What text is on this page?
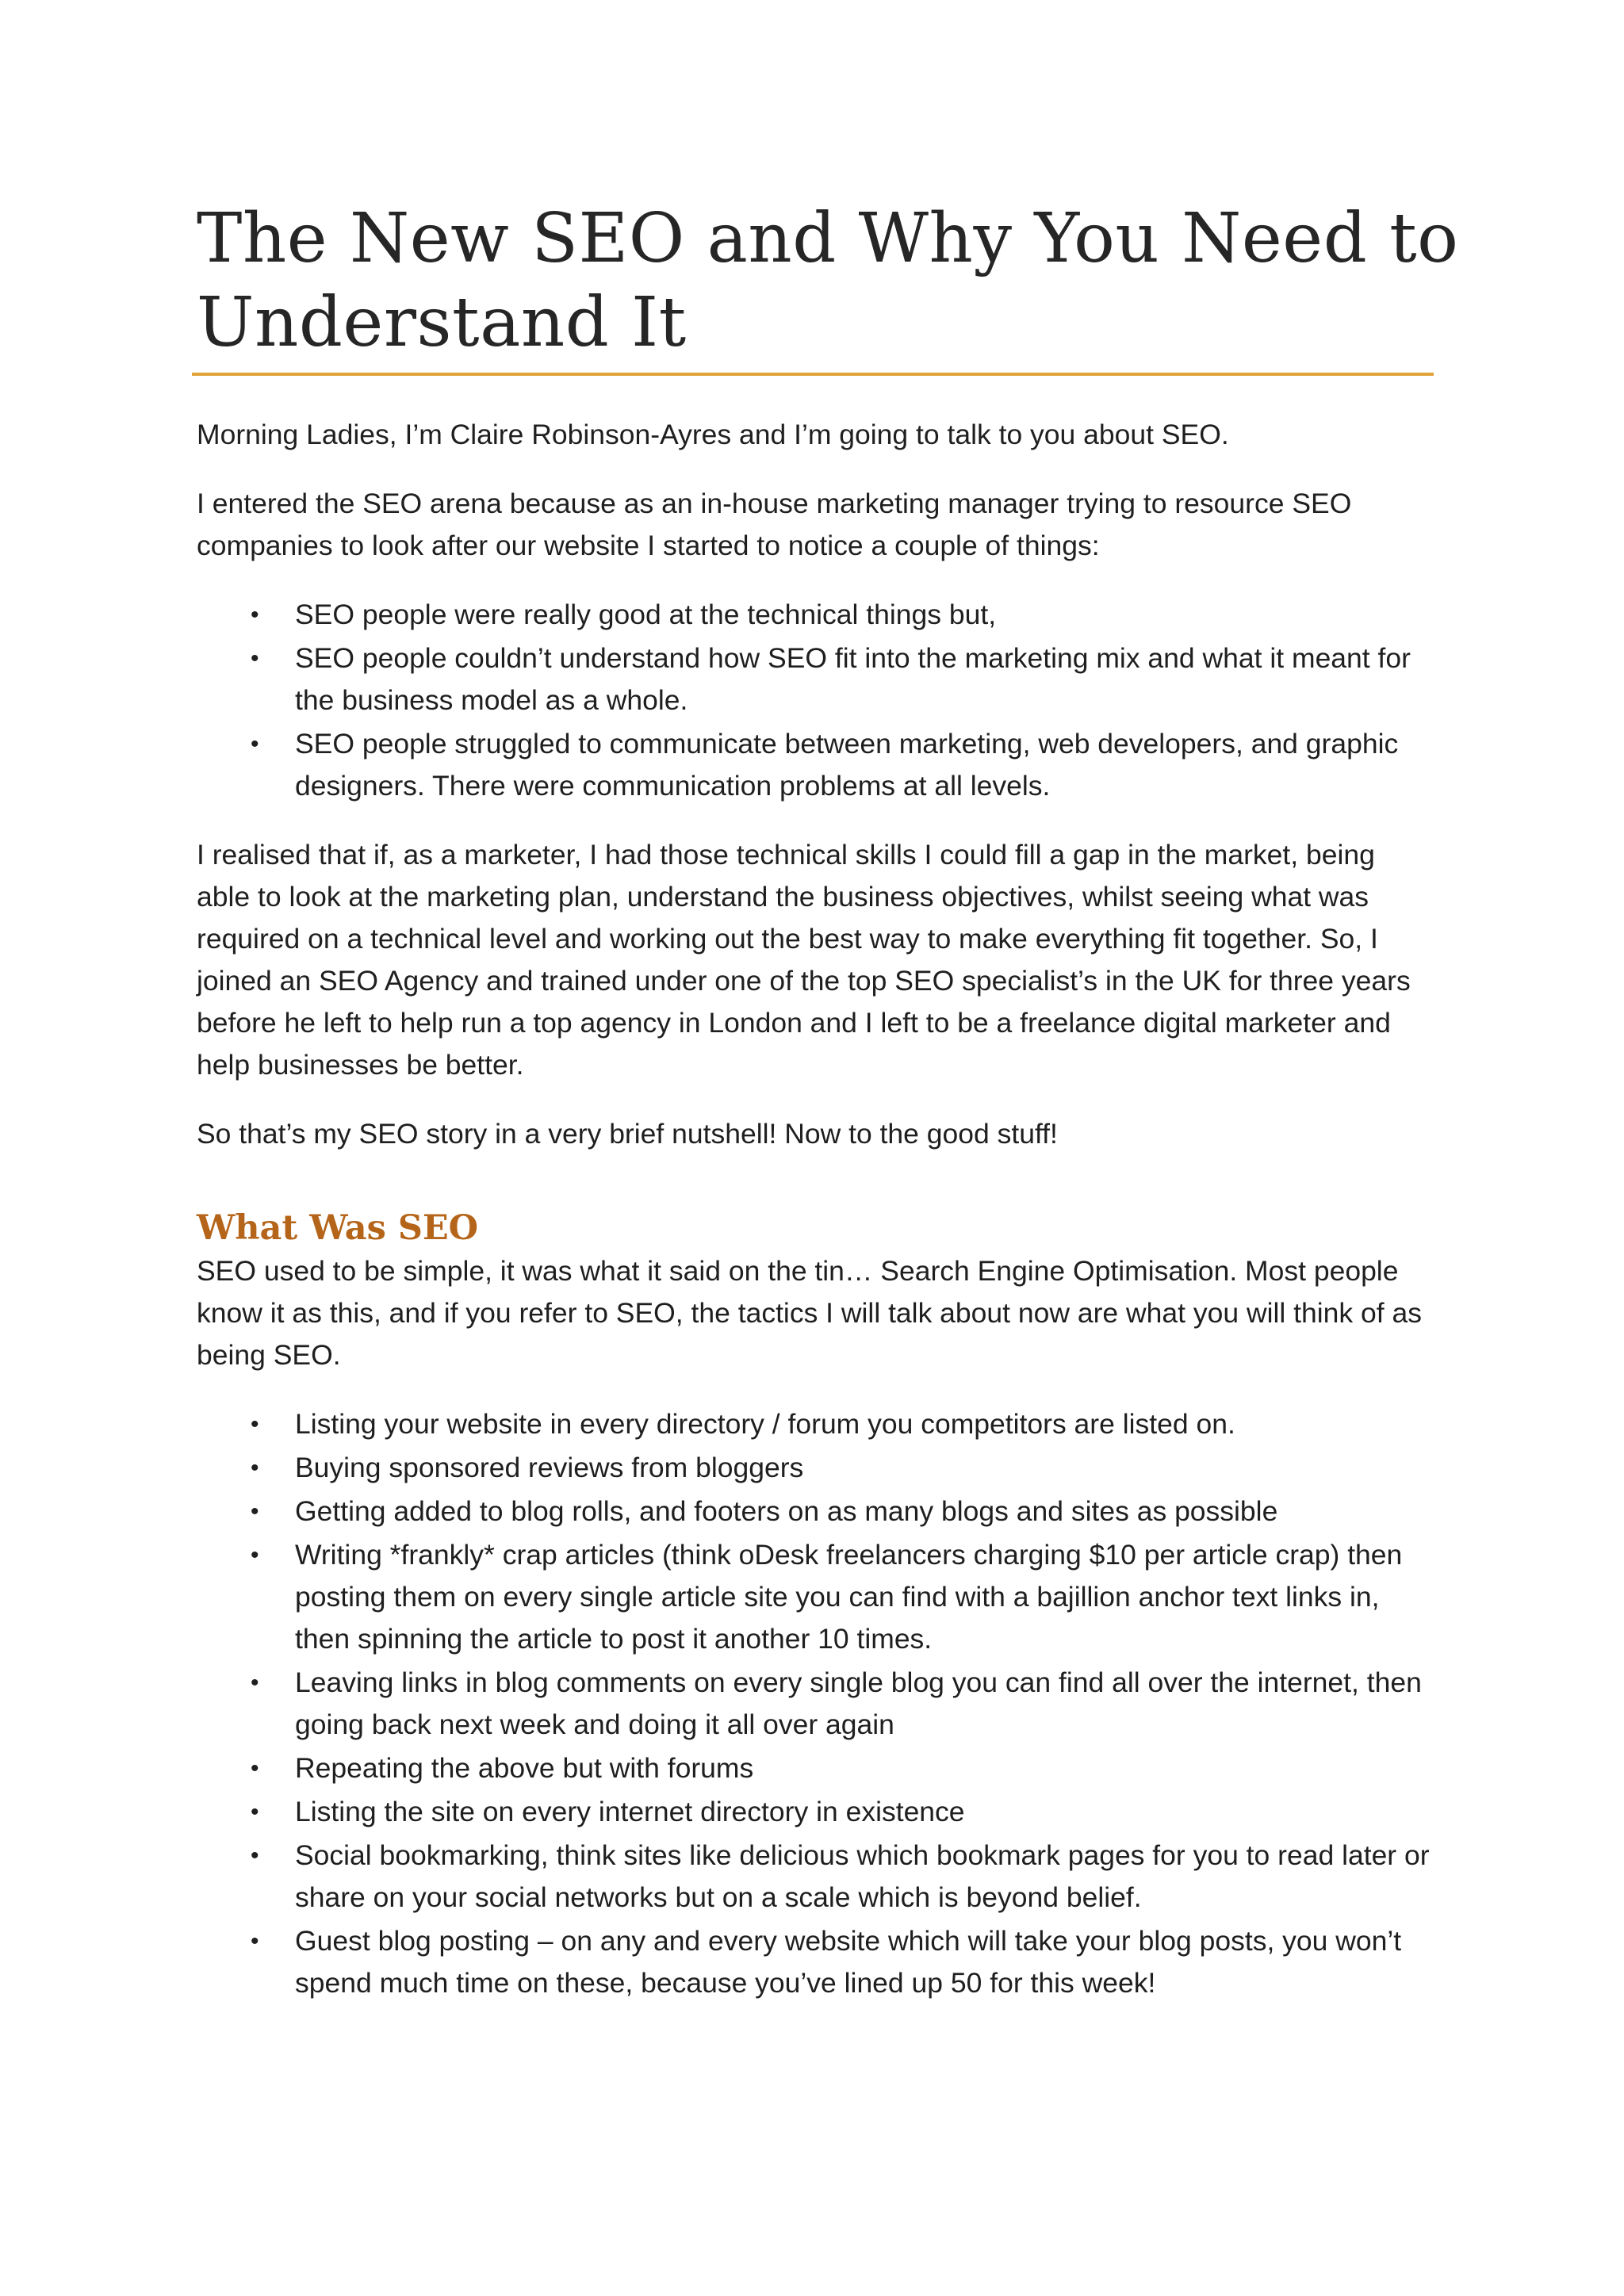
The New SEO and Why You Need to Understand It

Morning Ladies, I’m Claire Robinson-Ayres and I’m going to talk to you about SEO.

I entered the SEO arena because as an in-house marketing manager trying to resource SEO companies to look after our website I started to notice a couple of things:

•	SEO people were really good at the technical things but,
•	SEO people couldn’t understand how SEO fit into the marketing mix and what it meant for the business model as a whole.
•	SEO people struggled to communicate between marketing, web developers, and graphic designers. There were communication problems at all levels.

I realised that if, as a marketer, I had those technical skills I could fill a gap in the market, being able to look at the marketing plan, understand the business objectives, whilst seeing what was required on a technical level and working out the best way to make everything fit together. So, I joined an SEO Agency and trained under one of the top SEO specialist’s in the UK for three years before he left to help run a top agency in London and I left to be a freelance digital marketer and help businesses be better.

So that’s my SEO story in a very brief nutshell! Now to the good stuff!

What Was SEO

SEO used to be simple, it was what it said on the tin… Search Engine Optimisation. Most people know it as this, and if you refer to SEO, the tactics I will talk about now are what you will think of as being SEO.

•	Listing your website in every directory / forum you competitors are listed on.
•	Buying sponsored reviews from bloggers
•	Getting added to blog rolls, and footers on as many blogs and sites as possible
•	Writing *frankly* crap articles (think oDesk freelancers charging $10 per article crap) then posting them on every single article site you can find with a bajillion anchor text links in, then spinning the article to post it another 10 times.
•	Leaving links in blog comments on every single blog you can find all over the internet, then going back next week and doing it all over again
•	Repeating the above but with forums
•	Listing the site on every internet directory in existence
•	Social bookmarking, think sites like delicious which bookmark pages for you to read later or share on your social networks but on a scale which is beyond belief.
•	Guest blog posting – on any and every website which will take your blog posts, you won’t spend much time on these, because you’ve lined up 50 for this week!
